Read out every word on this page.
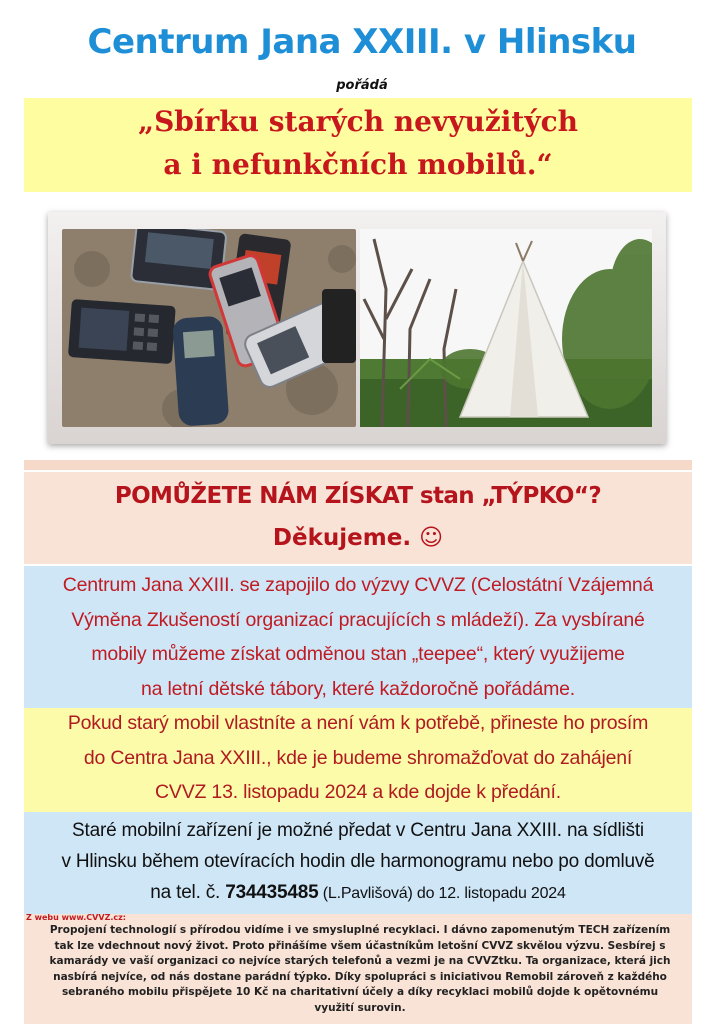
Centrum Jana XXIII. v Hlinsku
pořádá
„Sbírku starých nevyužitých
a i nefunkčních mobilů.“
POMŮŽETE NÁM ZÍSKAT stan „TÝPKO“?
Děkujeme. ☺
Centrum Jana XXIII. se zapojilo do výzvy CVVZ (Celostátní Vzájemná
Výměna Zkušeností organizací pracujících s mládeží). Za vysbírané
mobily můžeme získat odměnou stan „teepee“, který využijeme
na letní dětské tábory, které každoročně pořádáme.
Pokud starý mobil vlastníte a není vám k potřebě, přineste ho prosím
do Centra Jana XXIII., kde je budeme shromažďovat do zahájení
CVVZ 13. listopadu 2024 a kde dojde k předání.
Staré mobilní zařízení je možné předat v Centru Jana XXIII. na sídlišti
v Hlinsku během otevíracích hodin dle harmonogramu nebo po domluvě
na tel. č. 734435485 (L.Pavlišová) do 12. listopadu 2024
Z webu www.CVVZ.cz:
Propojení technologií s přírodou vidíme i ve smysluplné recyklaci. I dávno zapomenutým TECH zařízením
tak lze vdechnout nový život. Proto přinášíme všem účastníkům letošní CVVZ skvělou výzvu. Sesbírej s
kamarády ve vaší organizaci co nejvíce starých telefonů a vezmi je na CVVZtku. Ta organizace, která jich
nasbírá nejvíce, od nás dostane parádní týpko. Díky spolupráci s iniciativou Remobil zároveň z každého
sebraného mobilu přispějete 10 Kč na charitativní účely a díky recyklaci mobilů dojde k opětovnému
využití surovin.
